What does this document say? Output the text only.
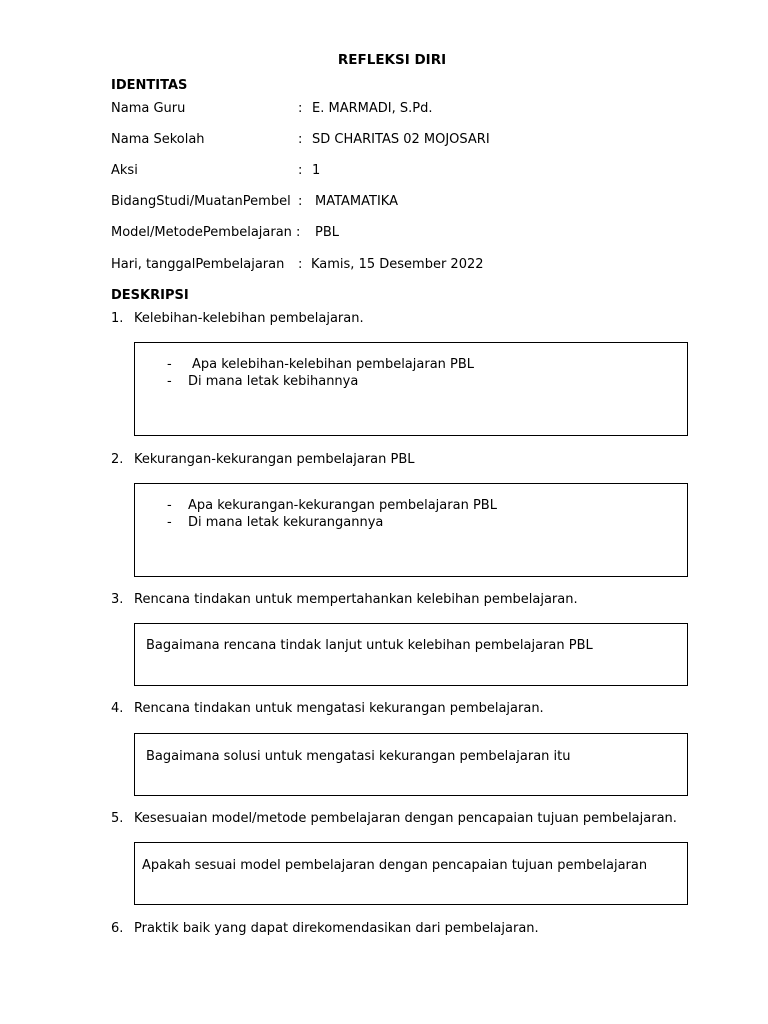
REFLEKSI DIRI
IDENTITAS
Nama Guru	: E. MARMADI, S.Pd.
Nama Sekolah	: SD CHARITAS 02 MOJOSARI
Aksi	: 1
BidangStudi/MuatanPembel : MATAMATIKA
Model/MetodePembelajaran : PBL
Hari, tanggalPembelajaran : Kamis, 15 Desember 2022
DESKRIPSI
1. Kelebihan-kelebihan pembelajaran.
- Apa kelebihan-kelebihan pembelajaran PBL
- Di mana letak kebihannya
2. Kekurangan-kekurangan pembelajaran PBL
- Apa kekurangan-kekurangan pembelajaran PBL
- Di mana letak kekurangannya
3. Rencana tindakan untuk mempertahankan kelebihan pembelajaran.
Bagaimana rencana tindak lanjut untuk kelebihan pembelajaran PBL
4. Rencana tindakan untuk mengatasi kekurangan pembelajaran.
Bagaimana solusi untuk mengatasi kekurangan pembelajaran itu
5. Kesesuaian model/metode pembelajaran dengan pencapaian tujuan pembelajaran.
Apakah sesuai model pembelajaran dengan pencapaian tujuan pembelajaran
6. Praktik baik yang dapat direkomendasikan dari pembelajaran.
